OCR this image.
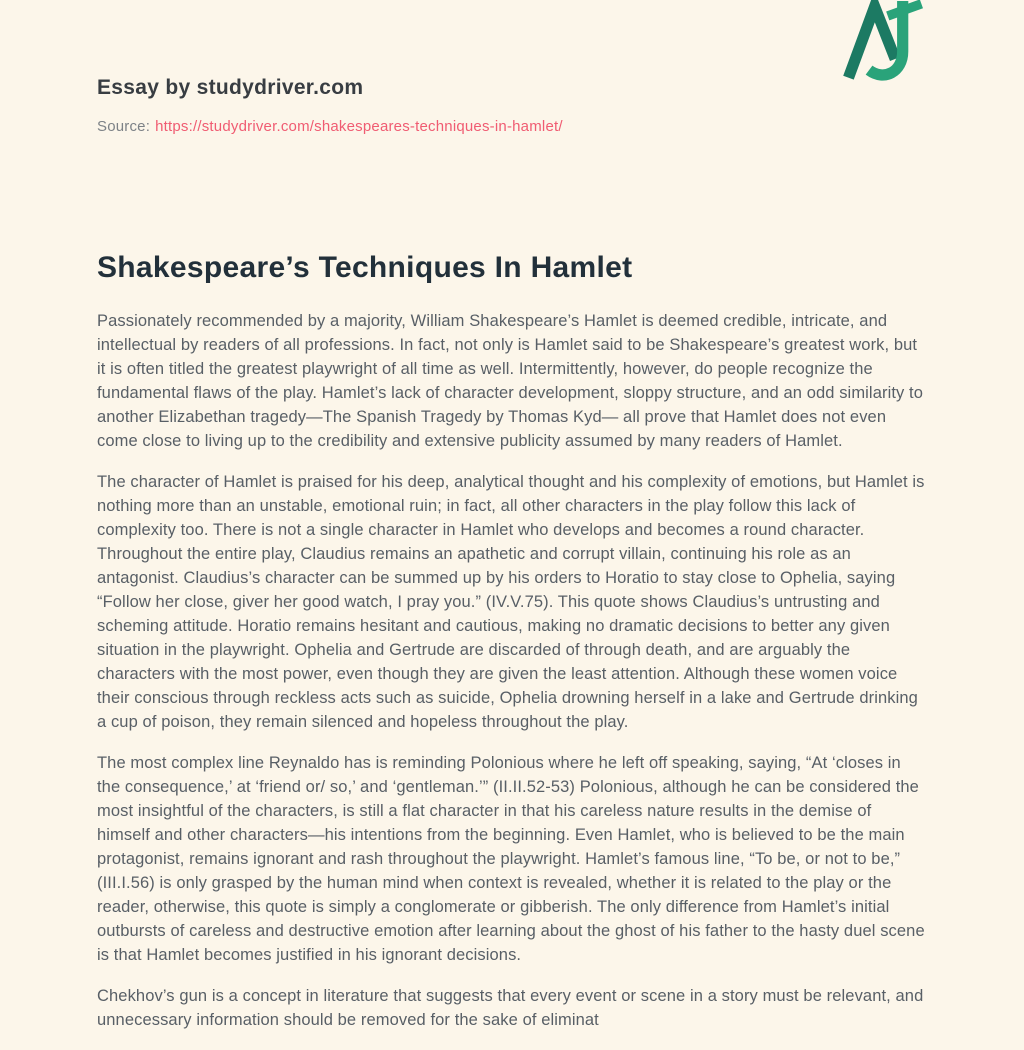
Essay by studydriver.com
Source: https://studydriver.com/shakespeares-techniques-in-hamlet/
Shakespeare’s Techniques In Hamlet

Passionately recommended by a majority, William Shakespeare’s Hamlet is deemed credible, intricate, and intellectual by readers of all professions. In fact, not only is Hamlet said to be Shakespeare’s greatest work, but it is often titled the greatest playwright of all time as well. Intermittently, however, do people recognize the fundamental flaws of the play. Hamlet’s lack of character development, sloppy structure, and an odd similarity to another Elizabethan tragedy—The Spanish Tragedy by Thomas Kyd— all prove that Hamlet does not even come close to living up to the credibility and extensive publicity assumed by many readers of Hamlet.

The character of Hamlet is praised for his deep, analytical thought and his complexity of emotions, but Hamlet is nothing more than an unstable, emotional ruin; in fact, all other characters in the play follow this lack of complexity too. There is not a single character in Hamlet who develops and becomes a round character. Throughout the entire play, Claudius remains an apathetic and corrupt villain, continuing his role as an antagonist. Claudius’s character can be summed up by his orders to Horatio to stay close to Ophelia, saying “Follow her close, giver her good watch, I pray you.” (IV.V.75). This quote shows Claudius’s untrusting and scheming attitude. Horatio remains hesitant and cautious, making no dramatic decisions to better any given situation in the playwright. Ophelia and Gertrude are discarded of through death, and are arguably the characters with the most power, even though they are given the least attention. Although these women voice their conscious through reckless acts such as suicide, Ophelia drowning herself in a lake and Gertrude drinking a cup of poison, they remain silenced and hopeless throughout the play.

The most complex line Reynaldo has is reminding Polonious where he left off speaking, saying, “At ‘closes in the consequence,’ at ‘friend or/ so,’ and ‘gentleman.’” (II.II.52-53) Polonious, although he can be considered the most insightful of the characters, is still a flat character in that his careless nature results in the demise of himself and other characters—his intentions from the beginning. Even Hamlet, who is believed to be the main protagonist, remains ignorant and rash throughout the playwright. Hamlet’s famous line, “To be, or not to be,” (III.I.56) is only grasped by the human mind when context is revealed, whether it is related to the play or the reader, otherwise, this quote is simply a conglomerate or gibberish. The only difference from Hamlet’s initial outbursts of careless and destructive emotion after learning about the ghost of his father to the hasty duel scene is that Hamlet becomes justified in his ignorant decisions.

Chekhov’s gun is a concept in literature that suggests that every event or scene in a story must be relevant, and unnecessary information should be removed for the sake of eliminat
